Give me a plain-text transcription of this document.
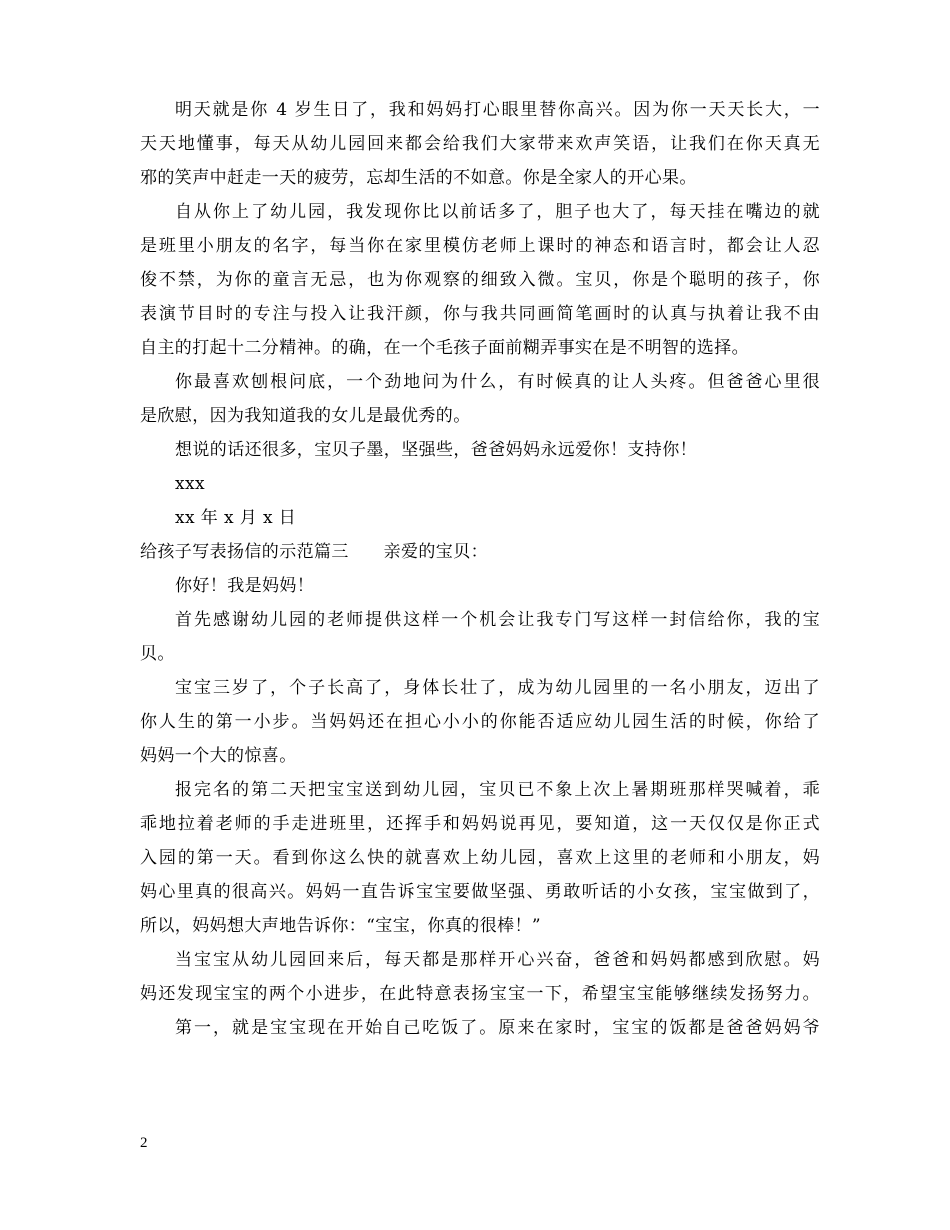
明天就是你 4 岁生日了，我和妈妈打心眼里替你高兴。因为你一天天长大，一
天天地懂事，每天从幼儿园回来都会给我们大家带来欢声笑语，让我们在你天真无
邪的笑声中赶走一天的疲劳，忘却生活的不如意。你是全家人的开心果。
自从你上了幼儿园，我发现你比以前话多了，胆子也大了，每天挂在嘴边的就
是班里小朋友的名字，每当你在家里模仿老师上课时的神态和语言时，都会让人忍
俊不禁，为你的童言无忌，也为你观察的细致入微。宝贝，你是个聪明的孩子，你
表演节目时的专注与投入让我汗颜，你与我共同画简笔画时的认真与执着让我不由
自主的打起十二分精神。的确，在一个毛孩子面前糊弄事实在是不明智的选择。
你最喜欢刨根问底，一个劲地问为什么，有时候真的让人头疼。但爸爸心里很
是欣慰，因为我知道我的女儿是最优秀的。
想说的话还很多，宝贝子墨，坚强些，爸爸妈妈永远爱你！支持你！
xxx
xx 年 x 月 x 日
给孩子写表扬信的示范篇三　　亲爱的宝贝：
你好！我是妈妈！
首先感谢幼儿园的老师提供这样一个机会让我专门写这样一封信给你，我的宝
贝。
宝宝三岁了，个子长高了，身体长壮了，成为幼儿园里的一名小朋友，迈出了
你人生的第一小步。当妈妈还在担心小小的你能否适应幼儿园生活的时候，你给了
妈妈一个大的惊喜。
报完名的第二天把宝宝送到幼儿园，宝贝已不象上次上暑期班那样哭喊着，乖
乖地拉着老师的手走进班里，还挥手和妈妈说再见，要知道，这一天仅仅是你正式
入园的第一天。看到你这么快的就喜欢上幼儿园，喜欢上这里的老师和小朋友，妈
妈心里真的很高兴。妈妈一直告诉宝宝要做坚强、勇敢听话的小女孩，宝宝做到了，
所以，妈妈想大声地告诉你：“宝宝，你真的很棒！”
当宝宝从幼儿园回来后，每天都是那样开心兴奋，爸爸和妈妈都感到欣慰。妈
妈还发现宝宝的两个小进步，在此特意表扬宝宝一下，希望宝宝能够继续发扬努力。
第一，就是宝宝现在开始自己吃饭了。原来在家时，宝宝的饭都是爸爸妈妈爷
2
